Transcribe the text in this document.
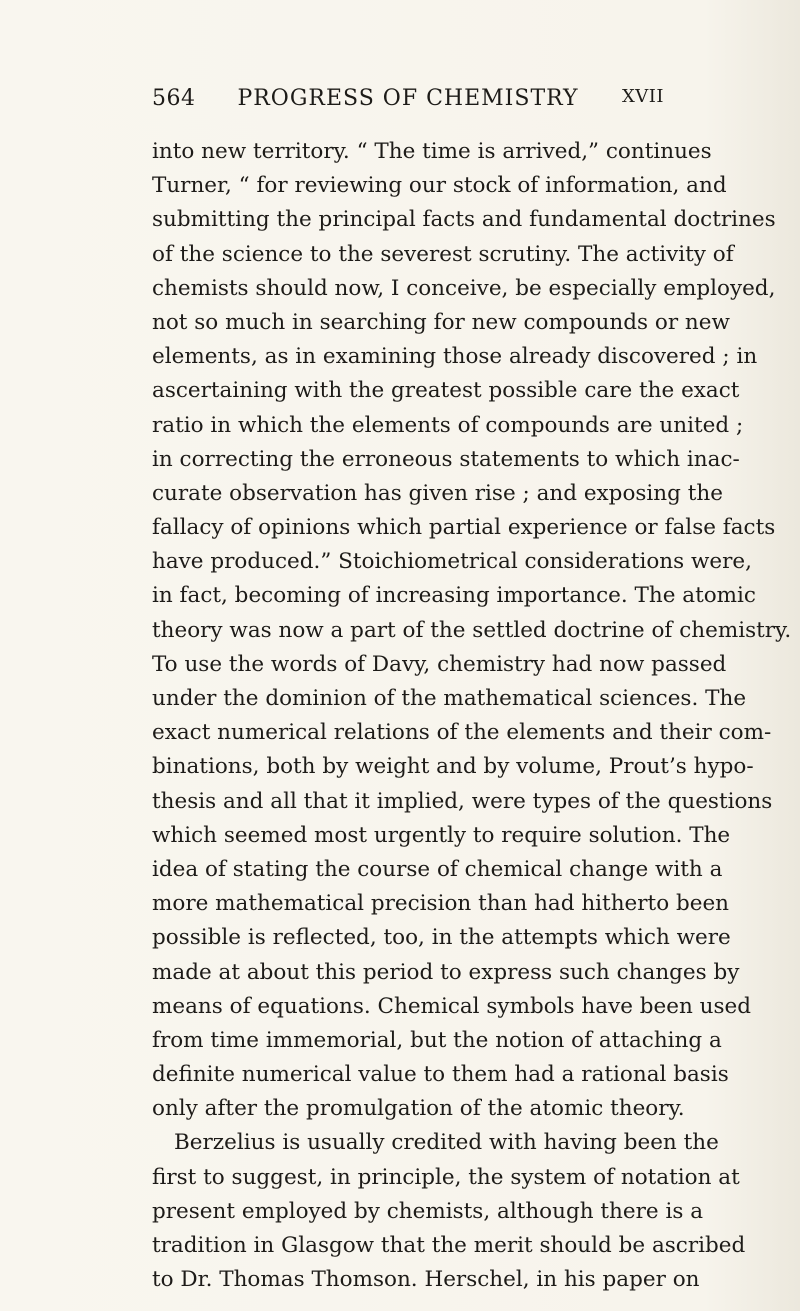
564	PROGRESS OF CHEMISTRY	XVII
into new territory. “ The time is arrived,” continues
Turner, “ for reviewing our stock of information, and
submitting the principal facts and fundamental doctrines
of the science to the severest scrutiny. The activity of
chemists should now, I conceive, be especially employed,
not so much in searching for new compounds or new
elements, as in examining those already discovered ; in
ascertaining with the greatest possible care the exact
ratio in which the elements of compounds are united ;
in correcting the erroneous statements to which inac-
curate observation has given rise ; and exposing the
fallacy of opinions which partial experience or false facts
have produced.” Stoichiometrical considerations were,
in fact, becoming of increasing importance. The atomic
theory was now a part of the settled doctrine of chemistry.
To use the words of Davy, chemistry had now passed
under the dominion of the mathematical sciences. The
exact numerical relations of the elements and their com-
binations, both by weight and by volume, Prout’s hypo-
thesis and all that it implied, were types of the questions
which seemed most urgently to require solution. The
idea of stating the course of chemical change with a
more mathematical precision than had hitherto been
possible is reflected, too, in the attempts which were
made at about this period to express such changes by
means of equations. Chemical symbols have been used
from time immemorial, but the notion of attaching a
definite numerical value to them had a rational basis
only after the promulgation of the atomic theory.
Berzelius is usually credited with having been the
first to suggest, in principle, the system of notation at
present employed by chemists, although there is a
tradition in Glasgow that the merit should be ascribed
to Dr. Thomas Thomson. Herschel, in his paper on
